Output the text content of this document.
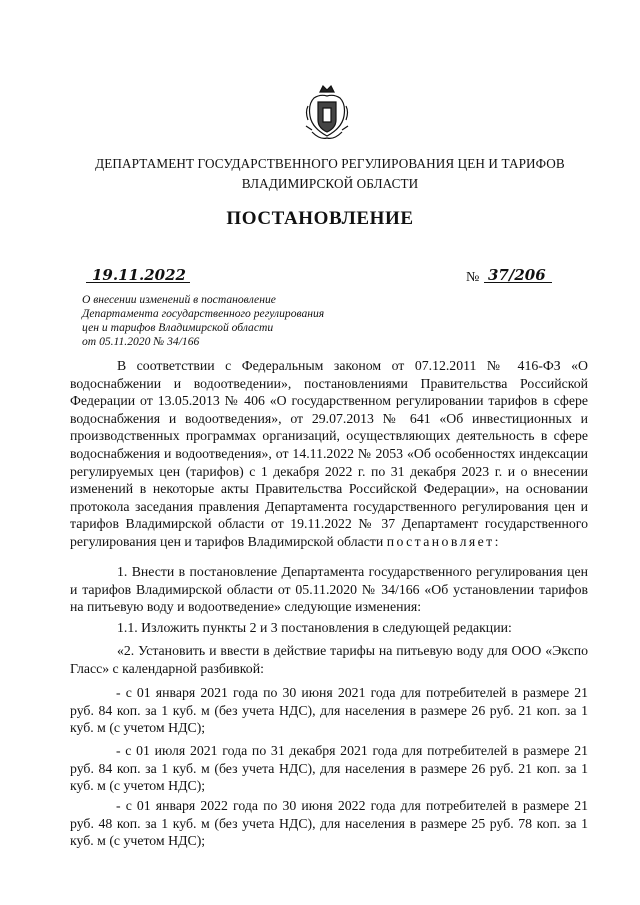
ДЕПАРТАМЕНТ ГОСУДАРСТВЕННОГО РЕГУЛИРОВАНИЯ ЦЕН И ТАРИФОВ
ВЛАДИМИРСКОЙ ОБЛАСТИ
ПОСТАНОВЛЕНИЕ
19.11.2022	№ 37/206
О внесении изменений в постановление
Департамента государственного регулирования
цен и тарифов Владимирской области
от 05.11.2020 № 34/166

В соответствии с Федеральным законом от 07.12.2011 № 416-ФЗ «О водоснабжении и водоотведении», постановлениями Правительства Российской Федерации от 13.05.2013 № 406 «О государственном регулировании тарифов в сфере водоснабжения и водоотведения», от 29.07.2013 № 641 «Об инвестиционных и производственных программах организаций, осуществляющих деятельность в сфере водоснабжения и водоотведения», от 14.11.2022 № 2053 «Об особенностях индексации регулируемых цен (тарифов) с 1 декабря 2022 г. по 31 декабря 2023 г. и о внесении изменений в некоторые акты Правительства Российской Федерации», на основании протокола заседания правления Департамента государственного регулирования цен и тарифов Владимирской области от 19.11.2022 № 37 Департамент государственного регулирования цен и тарифов Владимирской области постановляет:

1. Внести в постановление Департамента государственного регулирования цен и тарифов Владимирской области от 05.11.2020 № 34/166 «Об установлении тарифов на питьевую воду и водоотведение» следующие изменения:

1.1. Изложить пункты 2 и 3 постановления в следующей редакции:

«2. Установить и ввести в действие тарифы на питьевую воду для ООО «Экспо Гласс» с календарной разбивкой:

- с 01 января 2021 года по 30 июня 2021 года для потребителей в размере 21 руб. 84 коп. за 1 куб. м (без учета НДС), для населения в размере 26 руб. 21 коп. за 1 куб. м (с учетом НДС);

- с 01 июля 2021 года по 31 декабря 2021 года для потребителей в размере 21 руб. 84 коп. за 1 куб. м (без учета НДС), для населения в размере 26 руб. 21 коп. за 1 куб. м (с учетом НДС);

- с 01 января 2022 года по 30 июня 2022 года для потребителей в размере 21 руб. 48 коп. за 1 куб. м (без учета НДС), для населения в размере 25 руб. 78 коп. за 1 куб. м (с учетом НДС);
